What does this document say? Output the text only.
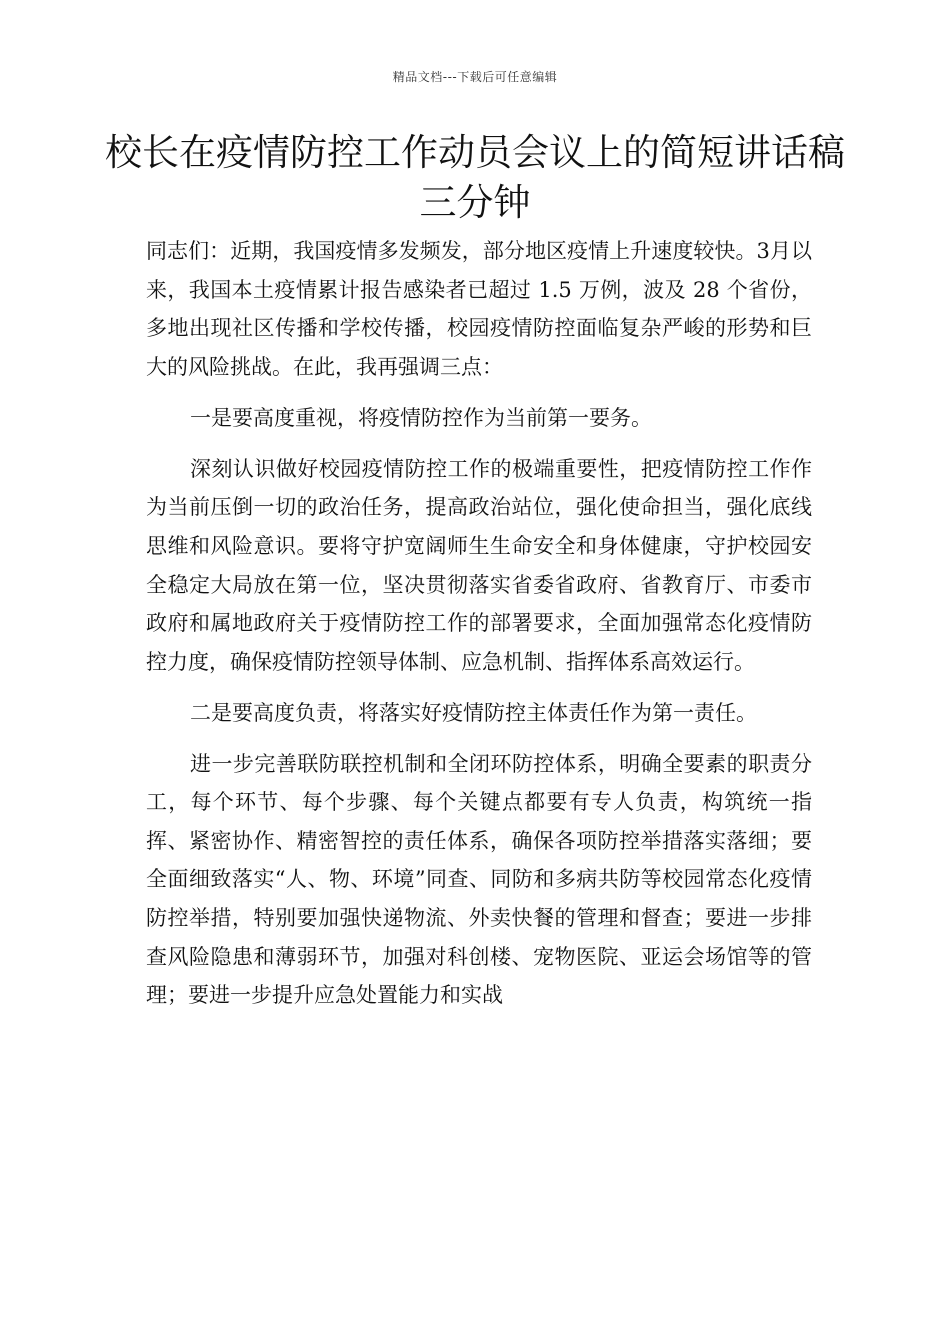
精品文档---下载后可任意编辑
校长在疫情防控工作动员会议上的简短讲话稿三分钟

同志们：近期，我国疫情多发频发，部分地区疫情上升速度较快。3月以来，我国本土疫情累计报告感染者已超过 1.5 万例，波及 28 个省份，多地出现社区传播和学校传播，校园疫情防控面临复杂严峻的形势和巨大的风险挑战。在此，我再强调三点：

一是要高度重视，将疫情防控作为当前第一要务。

深刻认识做好校园疫情防控工作的极端重要性，把疫情防控工作作为当前压倒一切的政治任务，提高政治站位，强化使命担当，强化底线思维和风险意识。要将守护宽阔师生生命安全和身体健康，守护校园安全稳定大局放在第一位，坚决贯彻落实省委省政府、省教育厅、市委市政府和属地政府关于疫情防控工作的部署要求，全面加强常态化疫情防控力度，确保疫情防控领导体制、应急机制、指挥体系高效运行。

二是要高度负责，将落实好疫情防控主体责任作为第一责任。

进一步完善联防联控机制和全闭环防控体系，明确全要素的职责分工，每个环节、每个步骤、每个关键点都要有专人负责，构筑统一指挥、紧密协作、精密智控的责任体系，确保各项防控举措落实落细；要全面细致落实“人、物、环境”同查、同防和多病共防等校园常态化疫情防控举措，特别要加强快递物流、外卖快餐的管理和督查；要进一步排查风险隐患和薄弱环节，加强对科创楼、宠物医院、亚运会场馆等的管理；要进一步提升应急处置能力和实战
